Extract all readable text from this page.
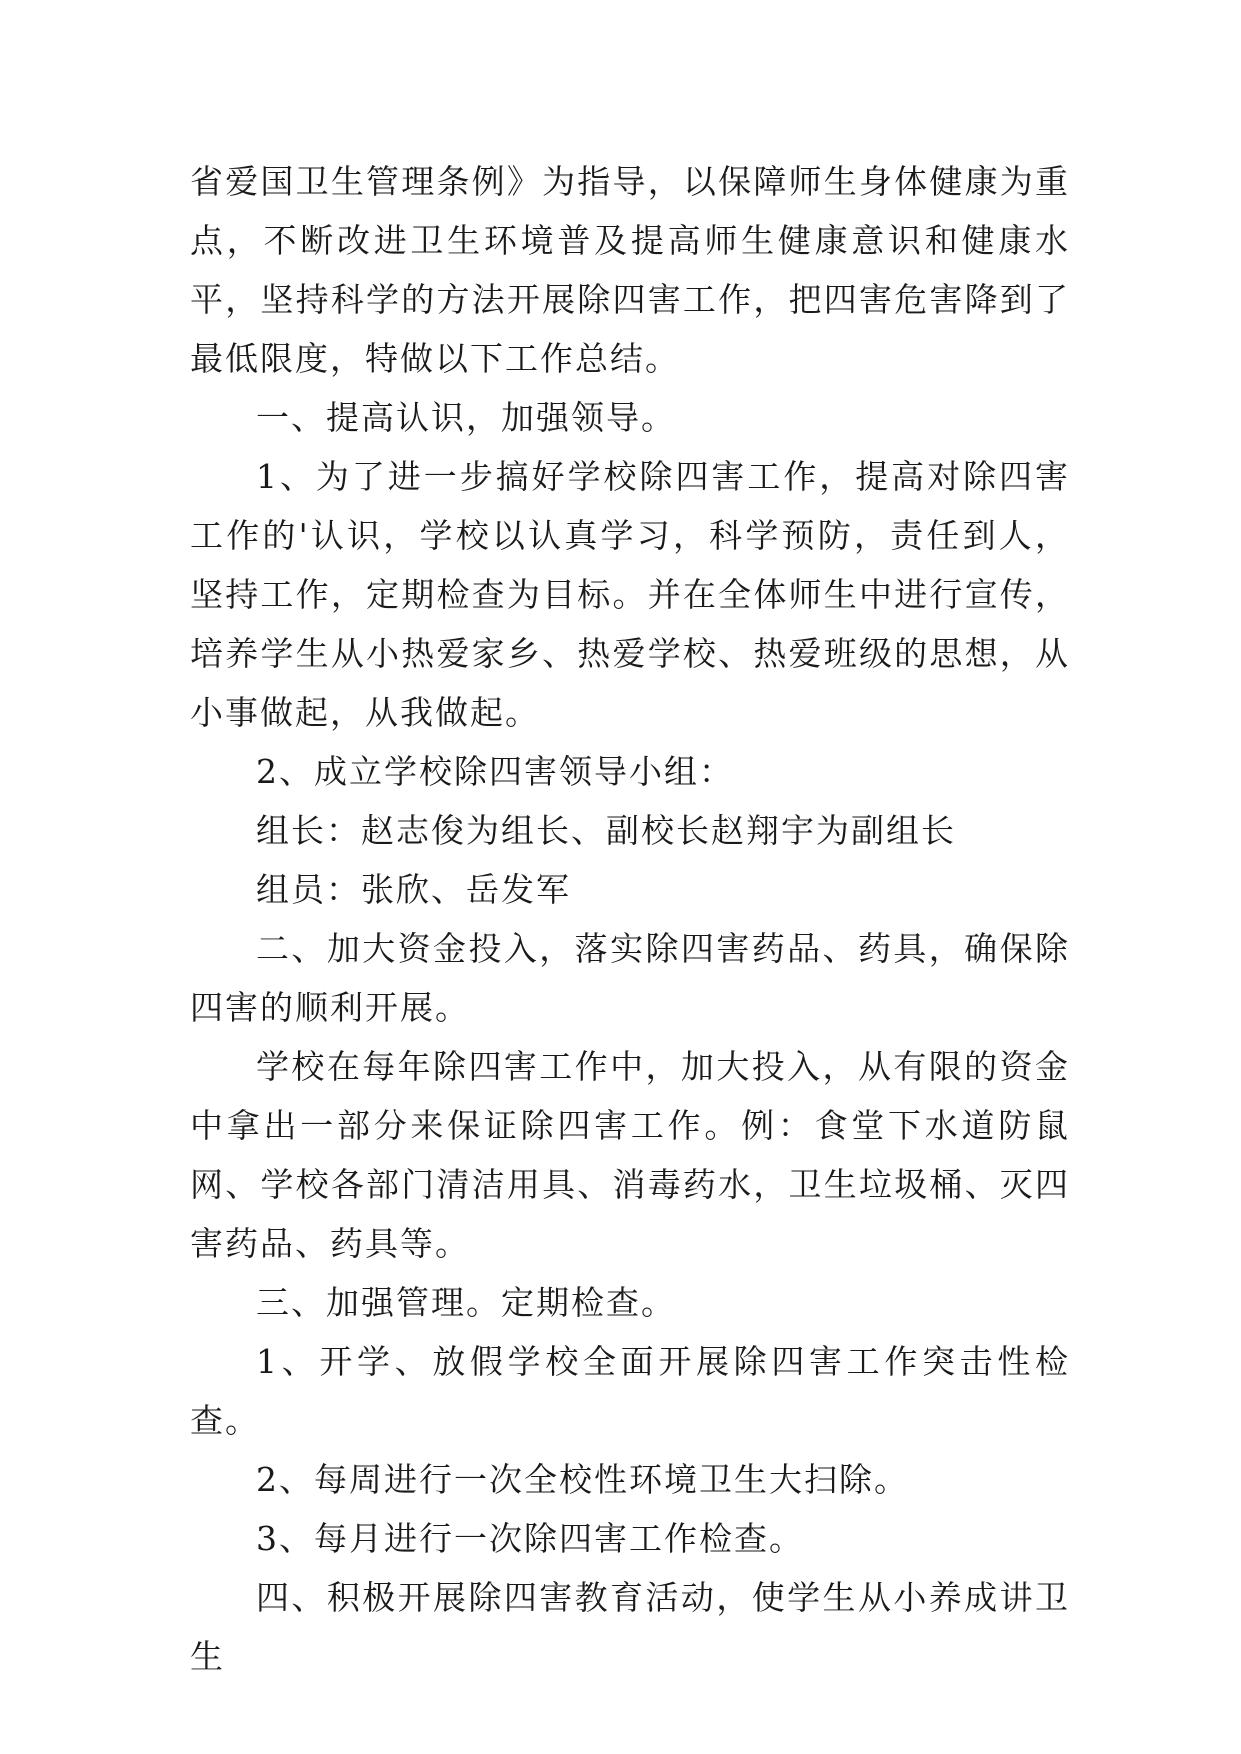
省爱国卫生管理条例》为指导，以保障师生身体健康为重点，不断改进卫生环境普及提高师生健康意识和健康水平，坚持科学的方法开展除四害工作，把四害危害降到了最低限度，特做以下工作总结。

一、提高认识，加强领导。

1、为了进一步搞好学校除四害工作，提高对除四害工作的'认识，学校以认真学习，科学预防，责任到人，坚持工作，定期检查为目标。并在全体师生中进行宣传，培养学生从小热爱家乡、热爱学校、热爱班级的思想，从小事做起，从我做起。

2、成立学校除四害领导小组：

组长：赵志俊为组长、副校长赵翔宇为副组长

组员：张欣、岳发军

二、加大资金投入，落实除四害药品、药具，确保除四害的顺利开展。

学校在每年除四害工作中，加大投入，从有限的资金中拿出一部分来保证除四害工作。例：食堂下水道防鼠网、学校各部门清洁用具、消毒药水，卫生垃圾桶、灭四害药品、药具等。

三、加强管理。定期检查。

1、开学、放假学校全面开展除四害工作突击性检查。

2、每周进行一次全校性环境卫生大扫除。

3、每月进行一次除四害工作检查。

四、积极开展除四害教育活动，使学生从小养成讲卫生
